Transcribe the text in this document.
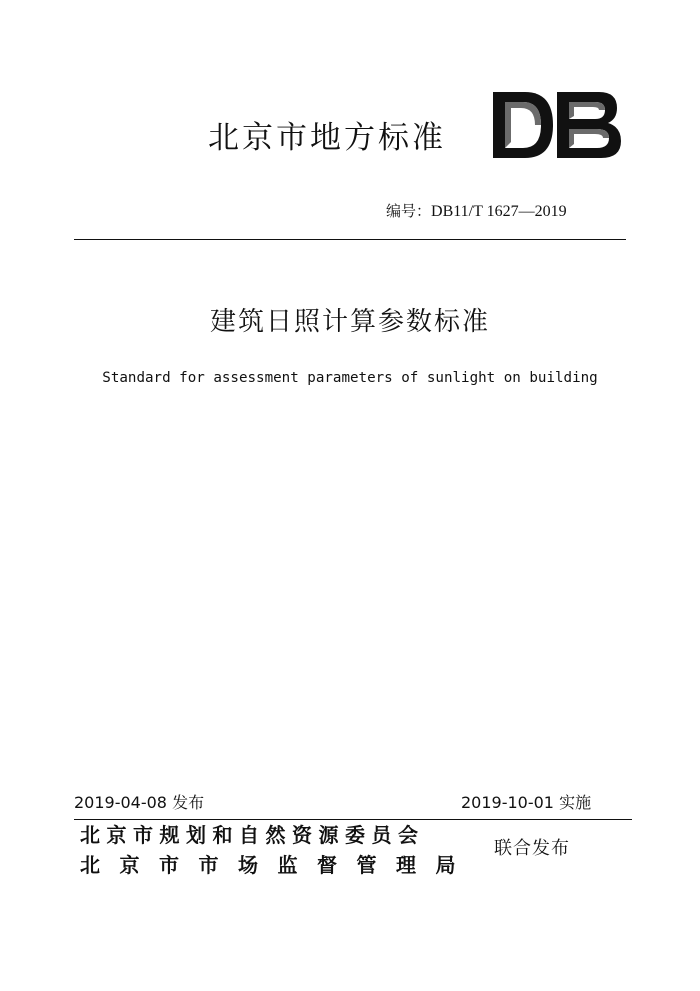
北京市地方标准
DB
编号：DB11/T 1627—2019
建筑日照计算参数标准
Standard for assessment parameters of sunlight on building
2019-04-08 发布	2019-10-01 实施
北京市规划和自然资源委员会
北京市市场监督管理局
联合发布
